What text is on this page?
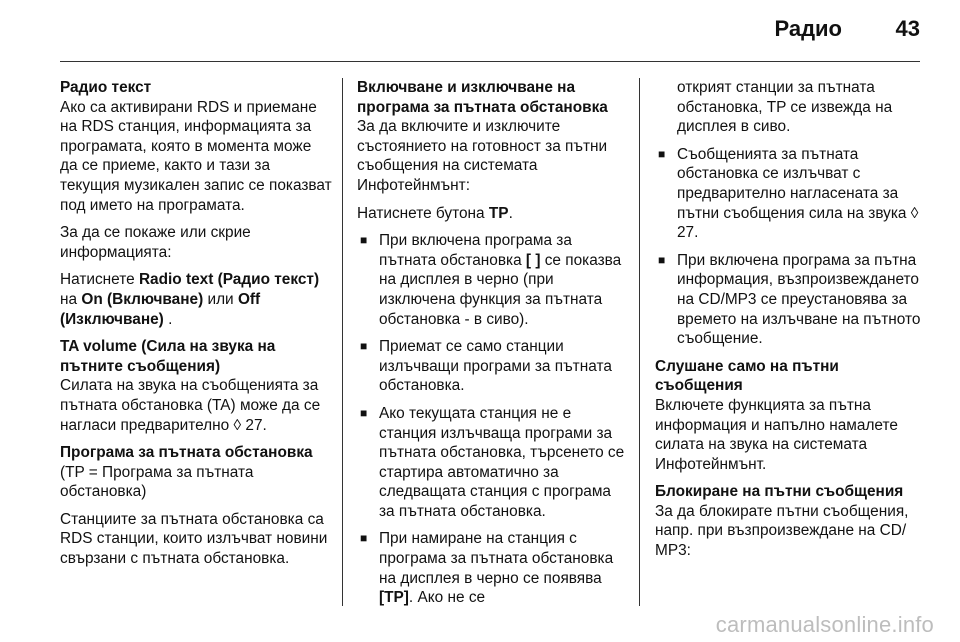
Радио 43
Радио текст

Ако са активирани RDS и приемане на RDS станция, информацията за програмата, която в момента може да се приеме, както и тази за текущия музикален запис се показват под името на програмата.

За да се покаже или скрие информацията:

Натиснете Radio text (Радио текст) на On (Включване) или Off (Изключване) .

TA volume (Сила на звука на пътните съобщения)

Силата на звука на съобщенията за пътната обстановка (TA) може да се нагласи предварително ◊ 27.

Програма за пътната обстановка

(TP = Програма за пътната обстановка)

Станциите за пътната обстановка са RDS станции, които излъчват новини свързани с пътната обстановка.

Включване и изключване на програма за пътната обстановка

За да включите и изключите състоянието на готовност за пътни съобщения на системата Инфотейнмънт:

Натиснете бутона TP.

■ При включена програма за пътната обстановка [ ] се показва на дисплея в черно (при изключена функция за пътната обстановка - в сиво).
■ Приемат се само станции излъчващи програми за пътната обстановка.
■ Ако текущата станция не е станция излъчваща програми за пътната обстановка, търсенето се стартира автоматично за следващата станция с програма за пътната обстановка.
■ При намиране на станция с програма за пътната обстановка на дисплея в черно се появява [TP]. Ако не се
открият станции за пътната обстановка, TP се извежда на дисплея в сиво.
■ Съобщенията за пътната обстановка се излъчват с предварително нагласената за пътни съобщения сила на звука ◊ 27.
■ При включена програма за пътна информация, възпроизвеждането на CD/MP3 се преустановява за времето на излъчване на пътното съобщение.
Слушане само на пътни съобщения

Включете функцията за пътна информация и напълно намалете силата на звука на системата Инфотейнмънт.

Блокиране на пътни съобщения

За да блокирате пътни съобщения, напр. при възпроизвеждане на CD/ MP3:

carmanualsonline.info
